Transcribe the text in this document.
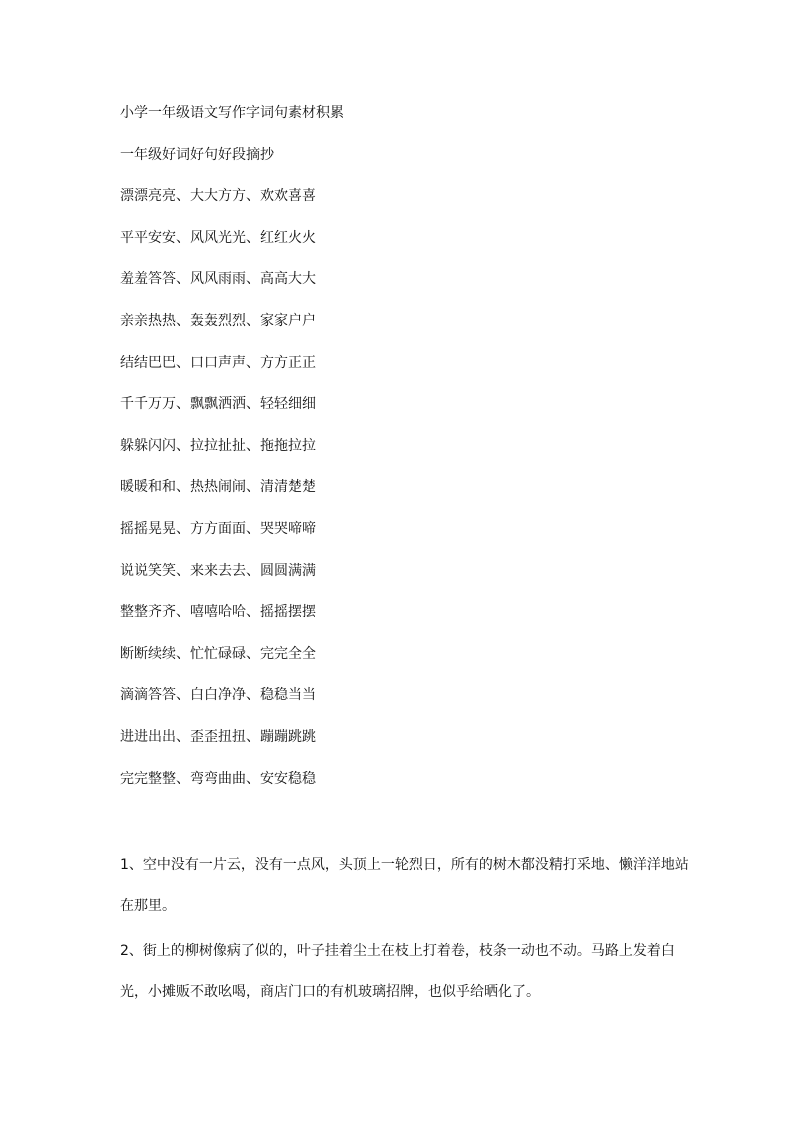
小学一年级语文写作字词句素材积累
一年级好词好句好段摘抄
漂漂亮亮、大大方方、欢欢喜喜
平平安安、风风光光、红红火火
羞羞答答、风风雨雨、高高大大
亲亲热热、轰轰烈烈、家家户户
结结巴巴、口口声声、方方正正
千千万万、飘飘洒洒、轻轻细细
躲躲闪闪、拉拉扯扯、拖拖拉拉
暖暖和和、热热闹闹、清清楚楚
摇摇晃晃、方方面面、哭哭啼啼
说说笑笑、来来去去、圆圆满满
整整齐齐、嘻嘻哈哈、摇摇摆摆
断断续续、忙忙碌碌、完完全全
滴滴答答、白白净净、稳稳当当
进进出出、歪歪扭扭、蹦蹦跳跳
完完整整、弯弯曲曲、安安稳稳

1、空中没有一片云，没有一点风，头顶上一轮烈日，所有的树木都没精打采地、懒洋洋地站在那里。

2、街上的柳树像病了似的，叶子挂着尘土在枝上打着卷，枝条一动也不动。马路上发着白光，小摊贩不敢吆喝，商店门口的有机玻璃招牌，也似乎给晒化了。
